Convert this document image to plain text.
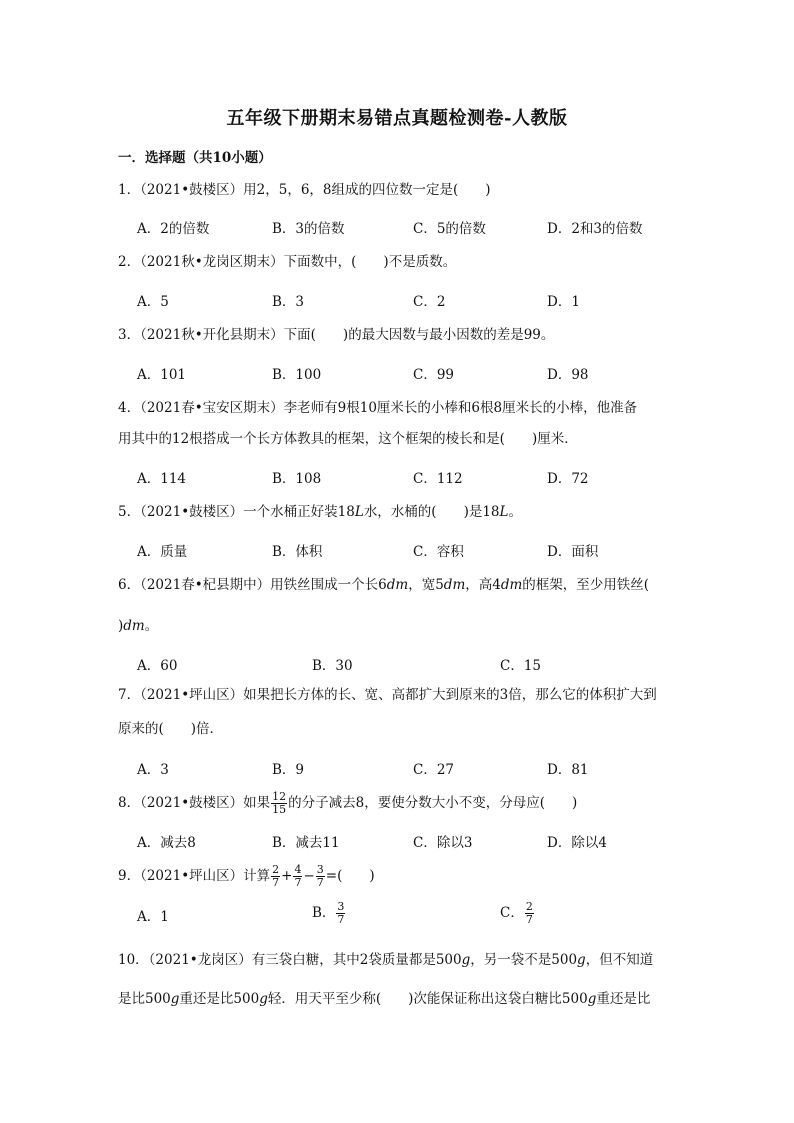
五年级下册期末易错点真题检测卷-人教版
一．选择题（共10小题）
1．（2021•鼓楼区）用2，5，6，8组成的四位数一定是(　　)
A．2的倍数	B．3的倍数	C．5的倍数	D．2和3的倍数
2．（2021秋•龙岗区期末）下面数中，(　　)不是质数。
A．5	B．3	C．2	D．1
3．（2021秋•开化县期末）下面(　　)的最大因数与最小因数的差是99。
A．101	B．100	C．99	D．98
4．（2021春•宝安区期末）李老师有9根10厘米长的小棒和6根8厘米长的小棒，他准备
用其中的12根搭成一个长方体教具的框架，这个框架的棱长和是(　　)厘米．
A．114	B．108	C．112	D．72
5．（2021•鼓楼区）一个水桶正好装18L水，水桶的(　　)是18L。
A．质量	B．体积	C．容积	D．面积
6．（2021春•杞县期中）用铁丝围成一个长6dm，宽5dm，高4dm的框架，至少用铁丝(
)dm。
A．60	B．30	C．15
7．（2021•坪山区）如果把长方体的长、宽、高都扩大到原来的3倍，那么它的体积扩大到
原来的(　　)倍．
A．3	B．9	C．27	D．81
8．（2021•鼓楼区）如果 $\frac{12}{15}$ 的分子减去8，要使分数大小不变，分母应(　　)
A．减去8	B．减去11	C．除以3	D．除以4
9．（2021•坪山区）计算 $\frac{2}{7} + \frac{4}{7} - \frac{3}{7}$ =(　　)
A．1	B． $\frac{3}{7}$	C． $\frac{2}{7}$
10．（2021•龙岗区）有三袋白糖，其中2袋质量都是500g，另一袋不是500g，但不知道
是比500g重还是比500g轻．用天平至少称(　　)次能保证称出这袋白糖比500g重还是比
